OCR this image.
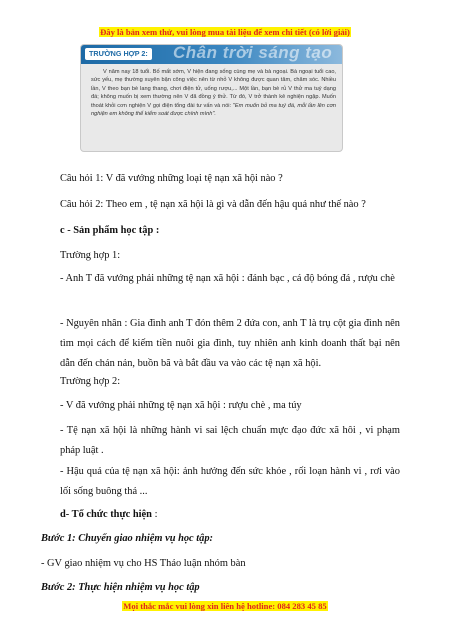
Đây là bản xem thử, vui lòng mua tài liệu để xem chi tiết (có lời giải)
TRƯỜNG HỢP 2: Chân trời sáng tạo
V năm nay 18 tuổi. Bố mất sớm, V hiện đang sống cùng mẹ và bà ngoại. Bà ngoại tuổi cao, sức yếu, mẹ thường xuyên bận công việc nên từ nhỏ V không được quan tâm, chăm sóc. Nhiều lần, V theo bạn bè lang thang, chơi điện tử, uống rượu,... Một lần, bạn bè rủ V thử ma tuý dạng đá; không muốn bị xem thường nên V đã đồng ý thử. Từ đó, V trở thành kẻ nghiện ngập. Muốn thoát khỏi cơn nghiện V gọi điện tổng đài tư vấn và nói: "Em muốn bỏ ma tuý đá, mỗi lần lên cơn nghiện em không thể kiểm soát được chính mình".
Câu hỏi 1: V đã vướng những loại tệ nạn xã hội nào ?
Câu hỏi 2: Theo em , tệ nạn xã hội là gì và dẫn đến hậu quả như thế nào ?
c - Sản phẩm học tập :
Trường hợp 1:
- Anh T đã vướng phải những tệ nạn xã hội : đánh bạc , cá độ bóng đá , rượu chè
- Nguyên nhân : Gia đình anh T đón thêm 2 đứa con, anh T là trụ cột gia đình nên tìm mọi cách để kiếm tiền nuôi gia đình, tuy nhiên anh kinh doanh thất bại nên dẫn đến chán nản, buồn bã và bắt đầu va vào các tệ nạn xã hội.
Trường hợp 2:
- V đã vướng phải những tệ nạn xã hội : rượu chè , ma túy
- Tệ nạn xã hội là những hành vi sai lệch chuẩn mực đạo đức xã hôi , vi phạm pháp luật .
- Hậu quả của tệ nạn xã hội: ảnh hưởng đến sức khỏe , rối loạn hành vi , rơi vào lối sống buông thả ...
d- Tổ chức thực hiện :
Bước 1: Chuyển giao nhiệm vụ học tập:
- GV giao nhiệm vụ cho HS Thảo luận nhóm bàn
Bước 2: Thực hiện nhiệm vụ học tập
Mọi thắc mắc vui lòng xin liên hệ hotline: 084 283 45 85
